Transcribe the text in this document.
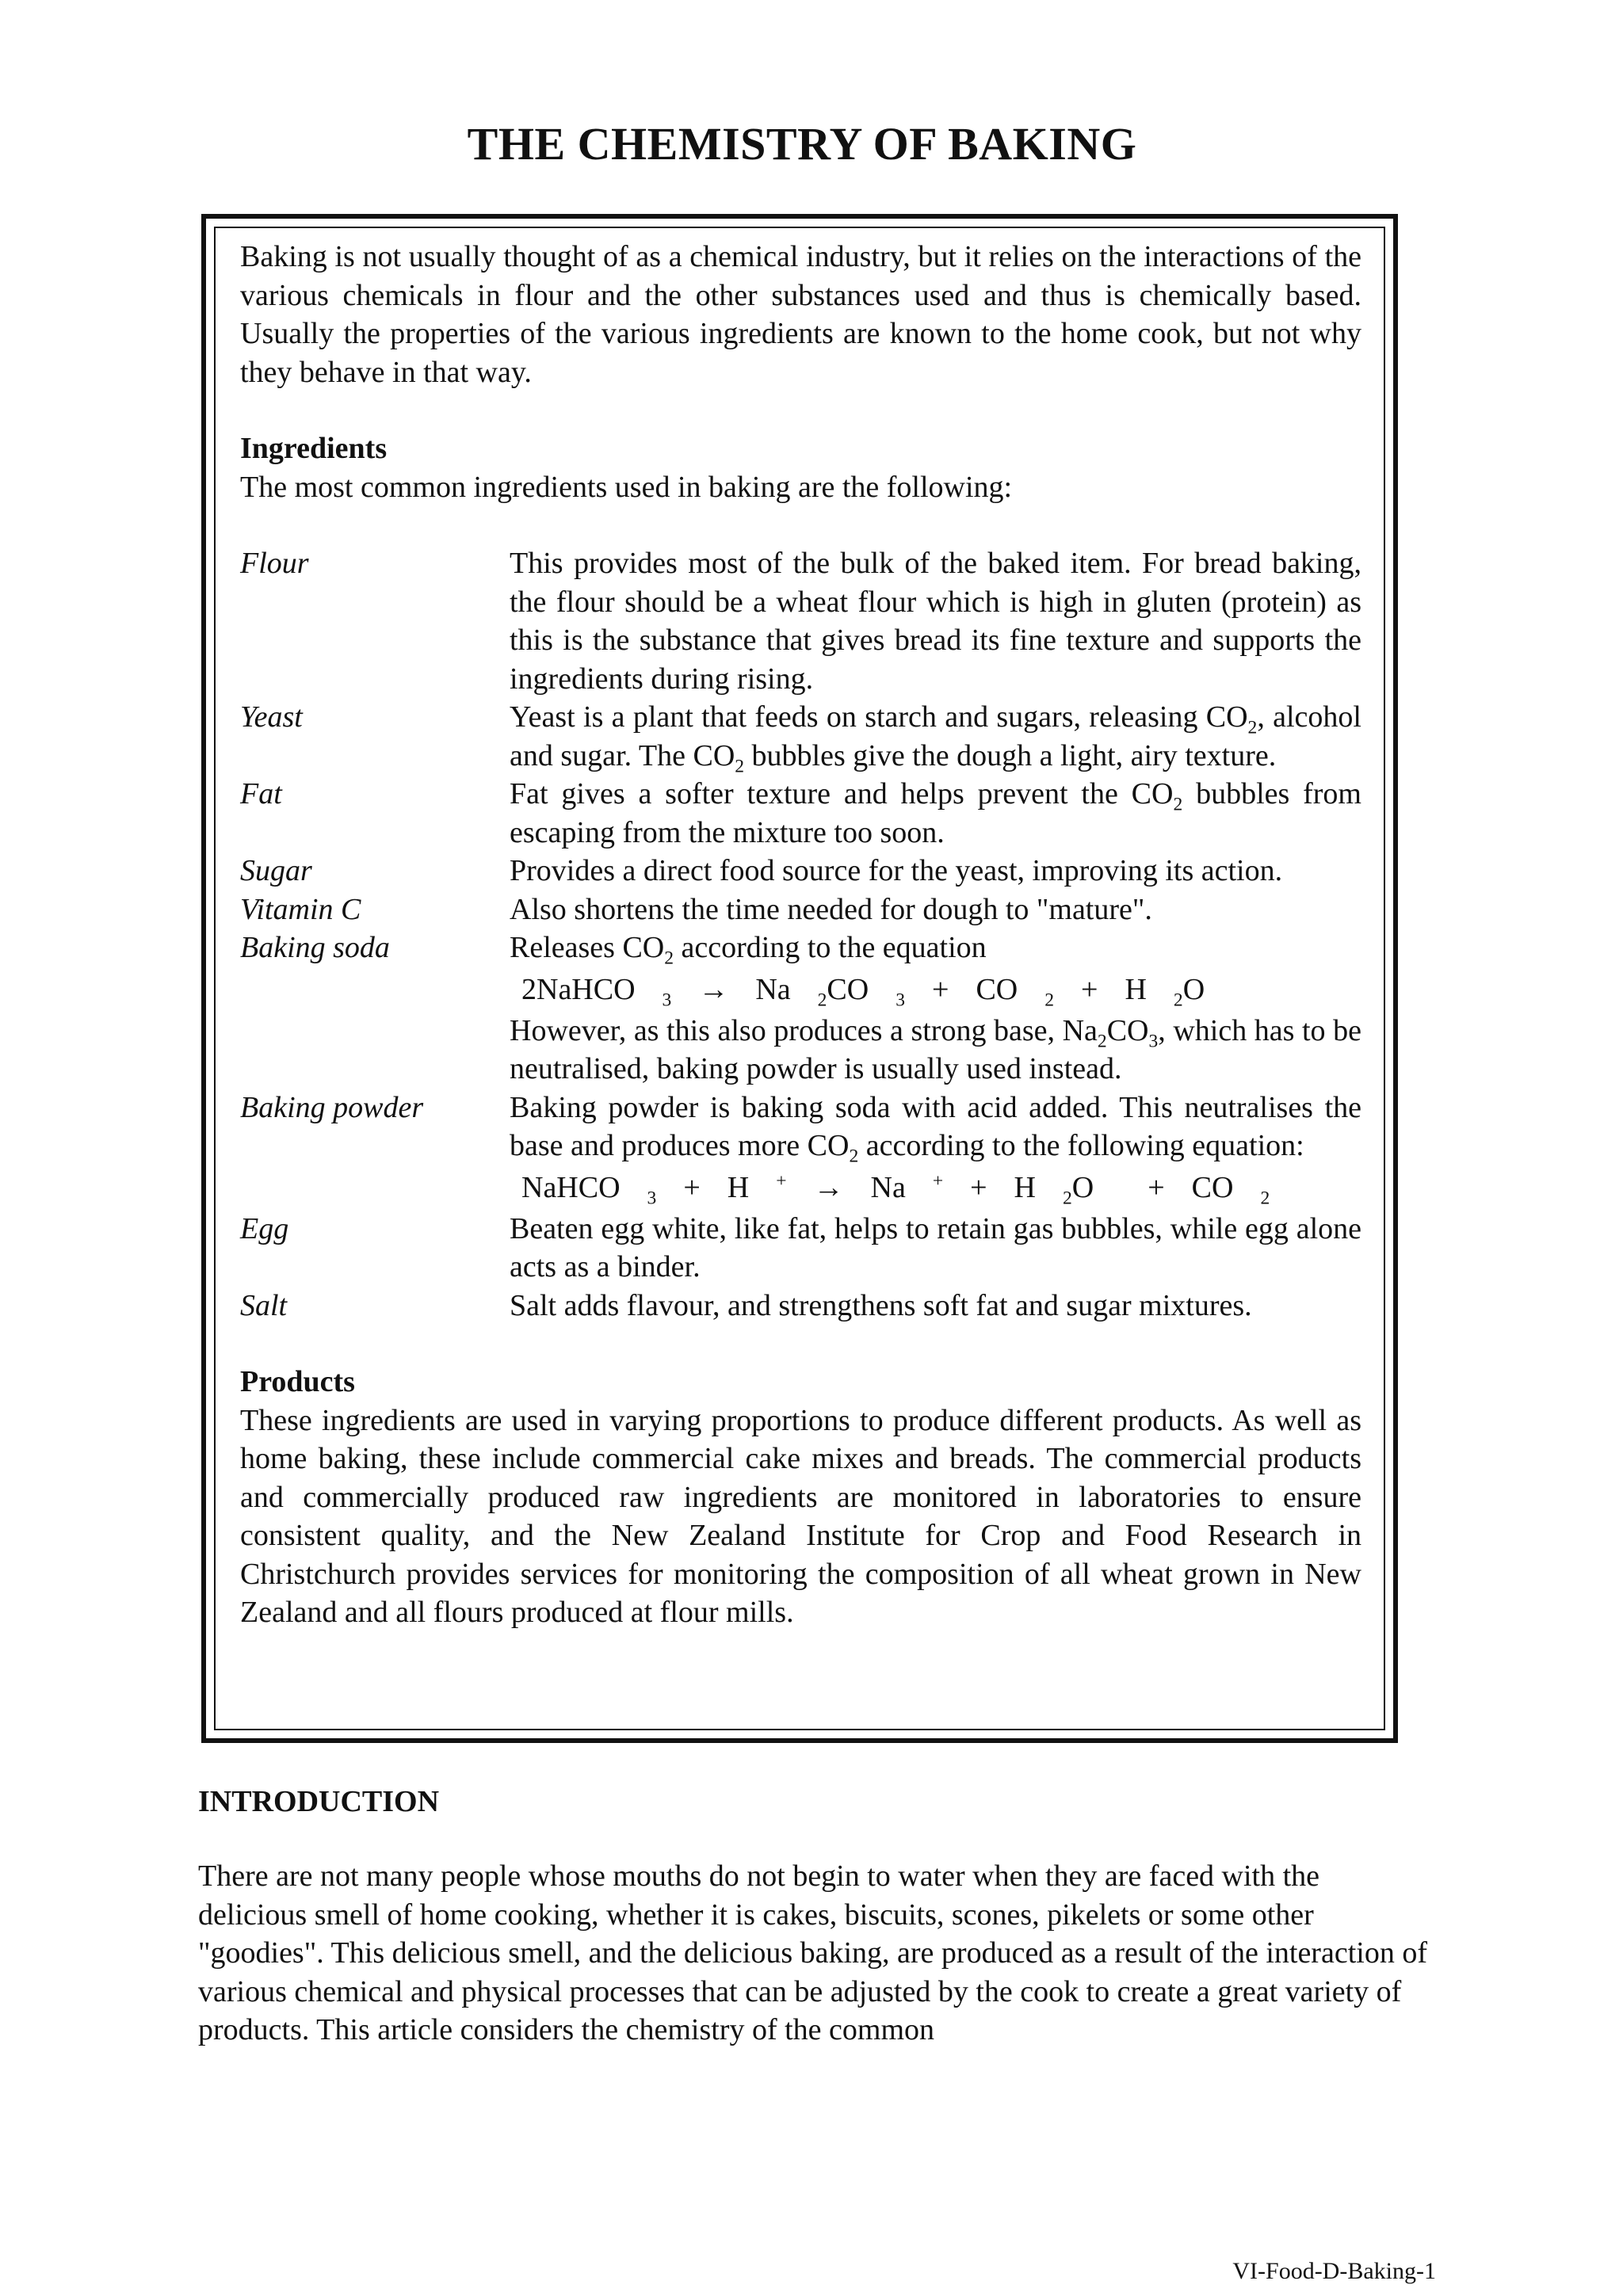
THE CHEMISTRY OF BAKING

Baking is not usually thought of as a chemical industry, but it relies on the interactions of the various chemicals in flour and the other substances used and thus is chemically based. Usually the properties of the various ingredients are known to the home cook, but not why they behave in that way.

Ingredients

The most common ingredients used in baking are the following:

Flour	This provides most of the bulk of the baked item. For bread baking, the flour should be a wheat flour which is high in gluten (protein) as this is the substance that gives bread its fine texture and supports the ingredients during rising.
Yeast	Yeast is a plant that feeds on starch and sugars, releasing $CO_2$, alcohol and sugar. The $CO_2$ bubbles give the dough a light, airy texture.
Fat	Fat gives a softer texture and helps prevent the $CO_2$ bubbles from escaping from the mixture too soon.
Sugar	Provides a direct food source for the yeast, improving its action.
Vitamin C	Also shortens the time needed for dough to "mature".
Baking soda	Releases $CO_2$ according to the equation
2NaHCO $_3$ → Na $_2$CO $_3$ + CO $_2$ + H $_2$O
However, as this also produces a strong base, $Na_2CO_3$, which has to be neutralised, baking powder is usually used instead.
Baking powder	Baking powder is baking soda with acid added. This neutralises the base and produces more $CO_2$ according to the following equation:
NaHCO $_3$ + H + → Na + + H $_2$O	+ CO $_2$
Egg	Beaten egg white, like fat, helps to retain gas bubbles, while egg alone acts as a binder.
Salt	Salt adds flavour, and strengthens soft fat and sugar mixtures.

Products

These ingredients are used in varying proportions to produce different products. As well as home baking, these include commercial cake mixes and breads. The commercial products and commercially produced raw ingredients are monitored in laboratories to ensure consistent quality, and the New Zealand Institute for Crop and Food Research in Christchurch provides services for monitoring the composition of all wheat grown in New Zealand and all flours produced at flour mills.

INTRODUCTION

There are not many people whose mouths do not begin to water when they are faced with the delicious smell of home cooking, whether it is cakes, biscuits, scones, pikelets or some other "goodies". This delicious smell, and the delicious baking, are produced as a result of the interaction of various chemical and physical processes that can be adjusted by the cook to create a great variety of products. This article considers the chemistry of the common

VI-Food-D-Baking-1
